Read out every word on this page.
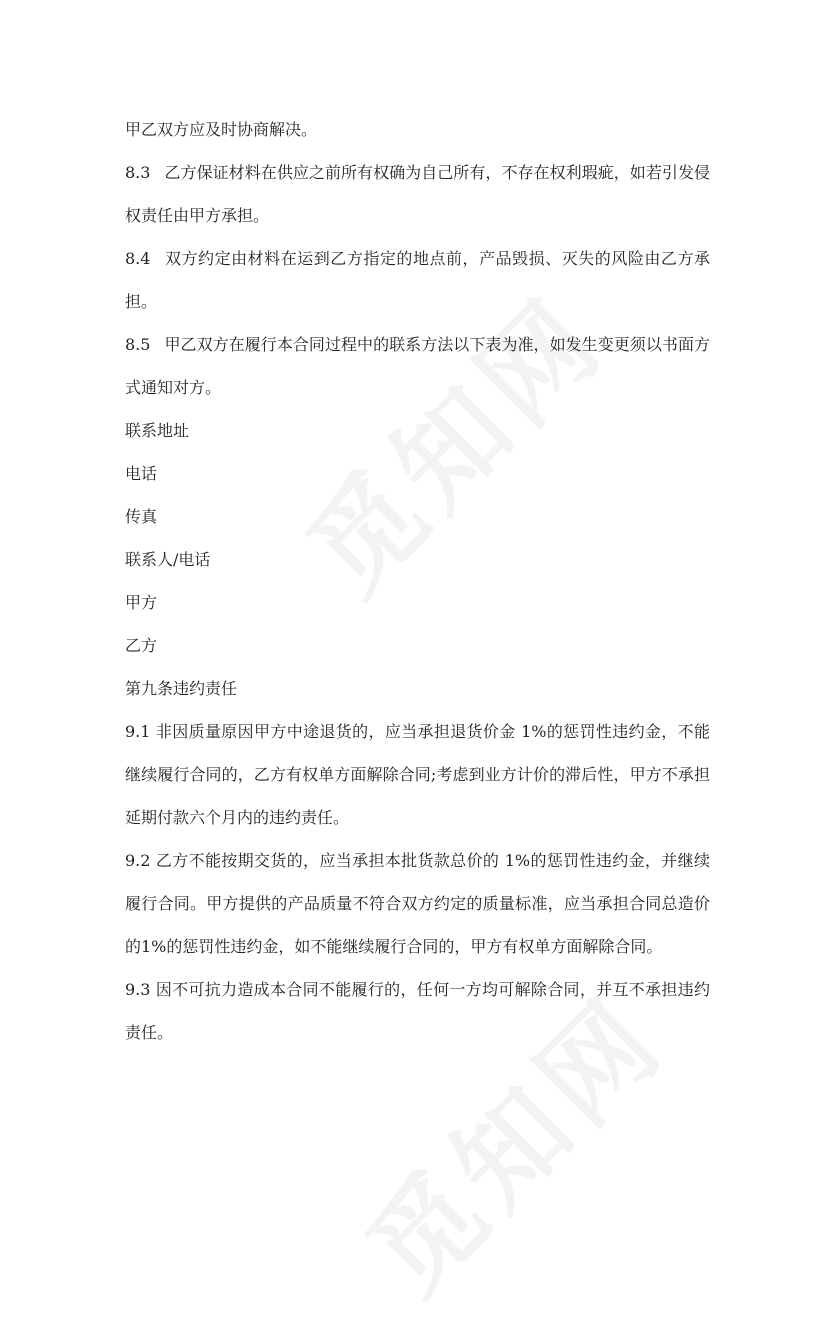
甲乙双方应及时协商解决。

8.3 乙方保证材料在供应之前所有权确为自己所有，不存在权利瑕疵，如若引发侵权责任由甲方承担。

8.4 双方约定由材料在运到乙方指定的地点前，产品毁损、灭失的风险由乙方承担。

8.5 甲乙双方在履行本合同过程中的联系方法以下表为准，如发生变更须以书面方式通知对方。

联系地址

电话

传真

联系人/电话

甲方

乙方

第九条违约责任

9.1 非因质量原因甲方中途退货的，应当承担退货价金 1%的惩罚性违约金，不能继续履行合同的，乙方有权单方面解除合同;考虑到业方计价的滞后性，甲方不承担延期付款六个月内的违约责任。

9.2 乙方不能按期交货的，应当承担本批货款总价的 1%的惩罚性违约金，并继续履行合同。甲方提供的产品质量不符合双方约定的质量标准，应当承担合同总造价的1%的惩罚性违约金，如不能继续履行合同的，甲方有权单方面解除合同。

9.3 因不可抗力造成本合同不能履行的，任何一方均可解除合同，并互不承担违约责任。
